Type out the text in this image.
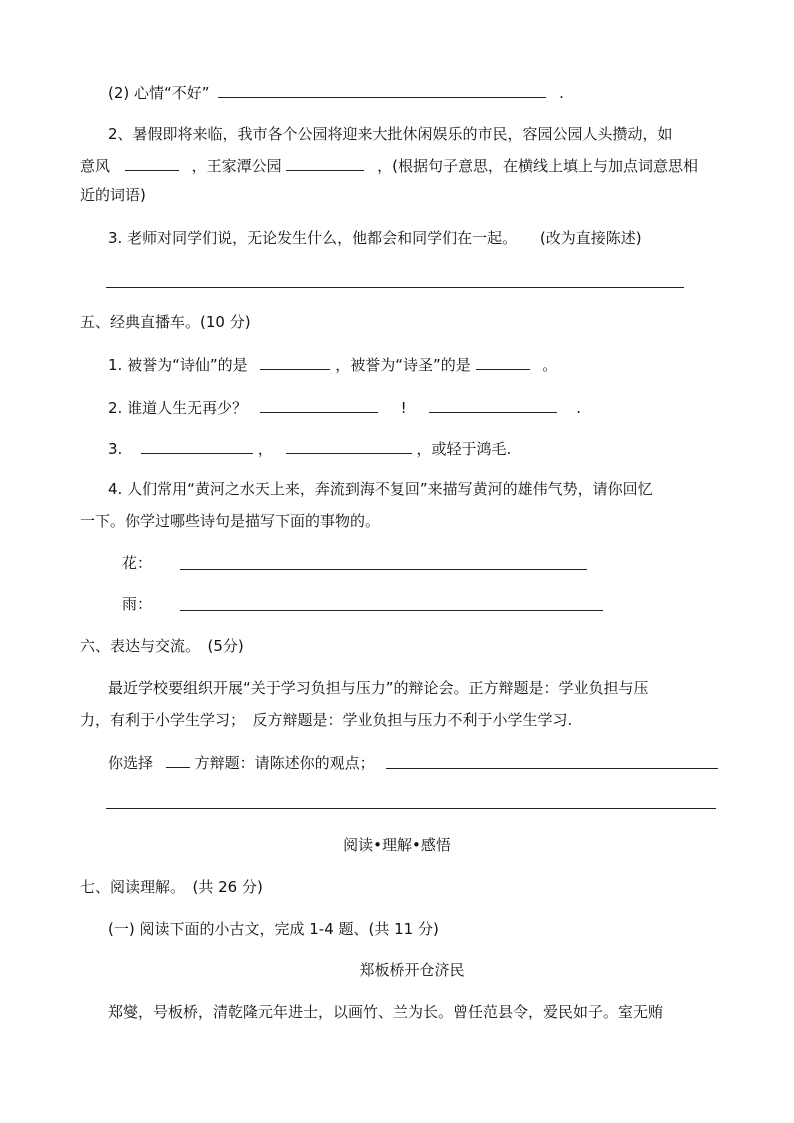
(2) 心情“不好”	.
2、暑假即将来临，我市各个公园将迎来大批休闲娱乐的市民，容园公园人头攒动，如
意风	，王家潭公园	，(根据句子意思，在横线上填上与加点词意思相
近的词语)
3. 老师对同学们说，无论发生什么，他都会和同学们在一起。 (改为直接陈述)
五、经典直播车。(10 分)
1. 被誉为“诗仙”的是	，被誉为“诗圣”的是	。
2. 谁道人生无再少？	!	.
3.	，	，或轻于鸿毛.
4. 人们常用“黄河之水天上来，奔流到海不复回”来描写黄河的雄伟气势，请你回忆
一下。你学过哪些诗句是描写下面的事物的。
花：
雨：
六、表达与交流。　(5分)
最近学校要组织开展“关于学习负担与压力”的辩论会。正方辩题是：学业负担与压
力，有利于小学生学习；　反方辩题是：学业负担与压力不利于小学生学习.
你选择	方辩题：请陈述你的观点；
阅读•理解•感悟
七、阅读理解。　(共 26 分)
(一) 阅读下面的小古文，完成 1-4 题、(共 11 分)
郑板桥开仓济民
郑燮，号板桥，清乾隆元年进士，以画竹、兰为长。曾任范县令，爱民如子。室无贿
